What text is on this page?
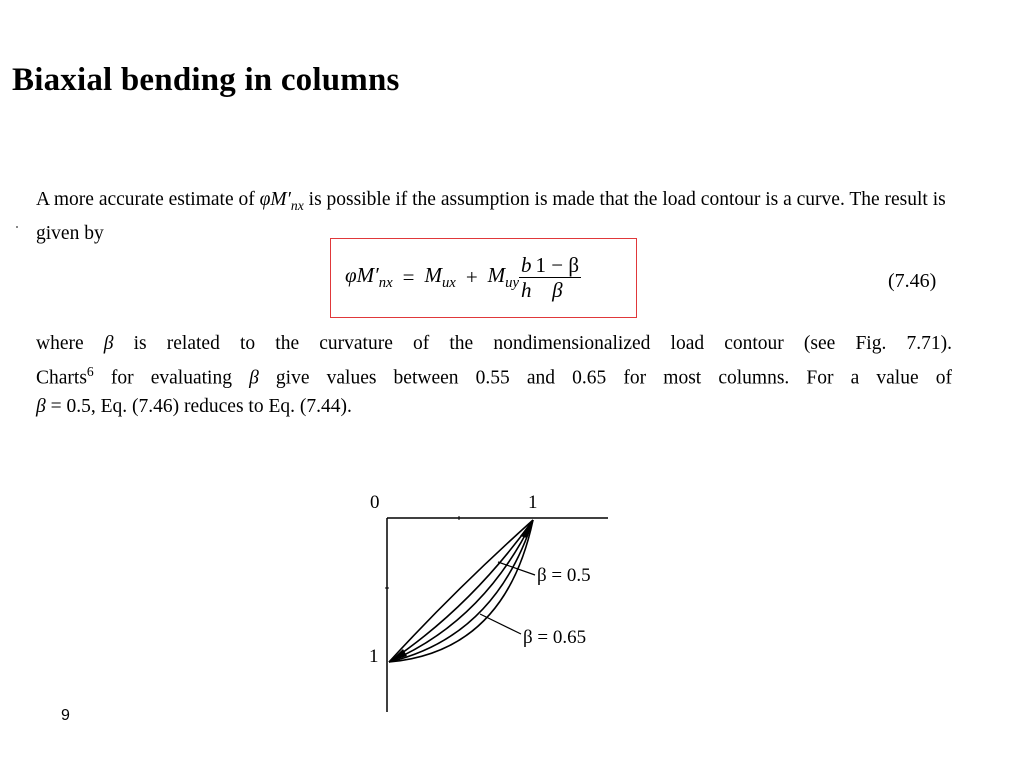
Biaxial bending in columns

A more accurate estimate of $\varphi M'_{nx}$ is possible if the assumption is made that the load contour is a curve. The result is given by

$\varphi M'_{nx} = M_{ux} + M_{uy} \frac{b}{h} \frac{1 - \beta}{\beta}$	(7.46)

where β is related to the curvature of the nondimensionalized load contour (see Fig. 7.71).
Charts$^6$ for evaluating β give values between 0.55 and 0.65 for most columns. For a value of
β = 0.5, Eq. (7.46) reduces to Eq. (7.44).

0	1
1
β = 0.5
β = 0.65
9
